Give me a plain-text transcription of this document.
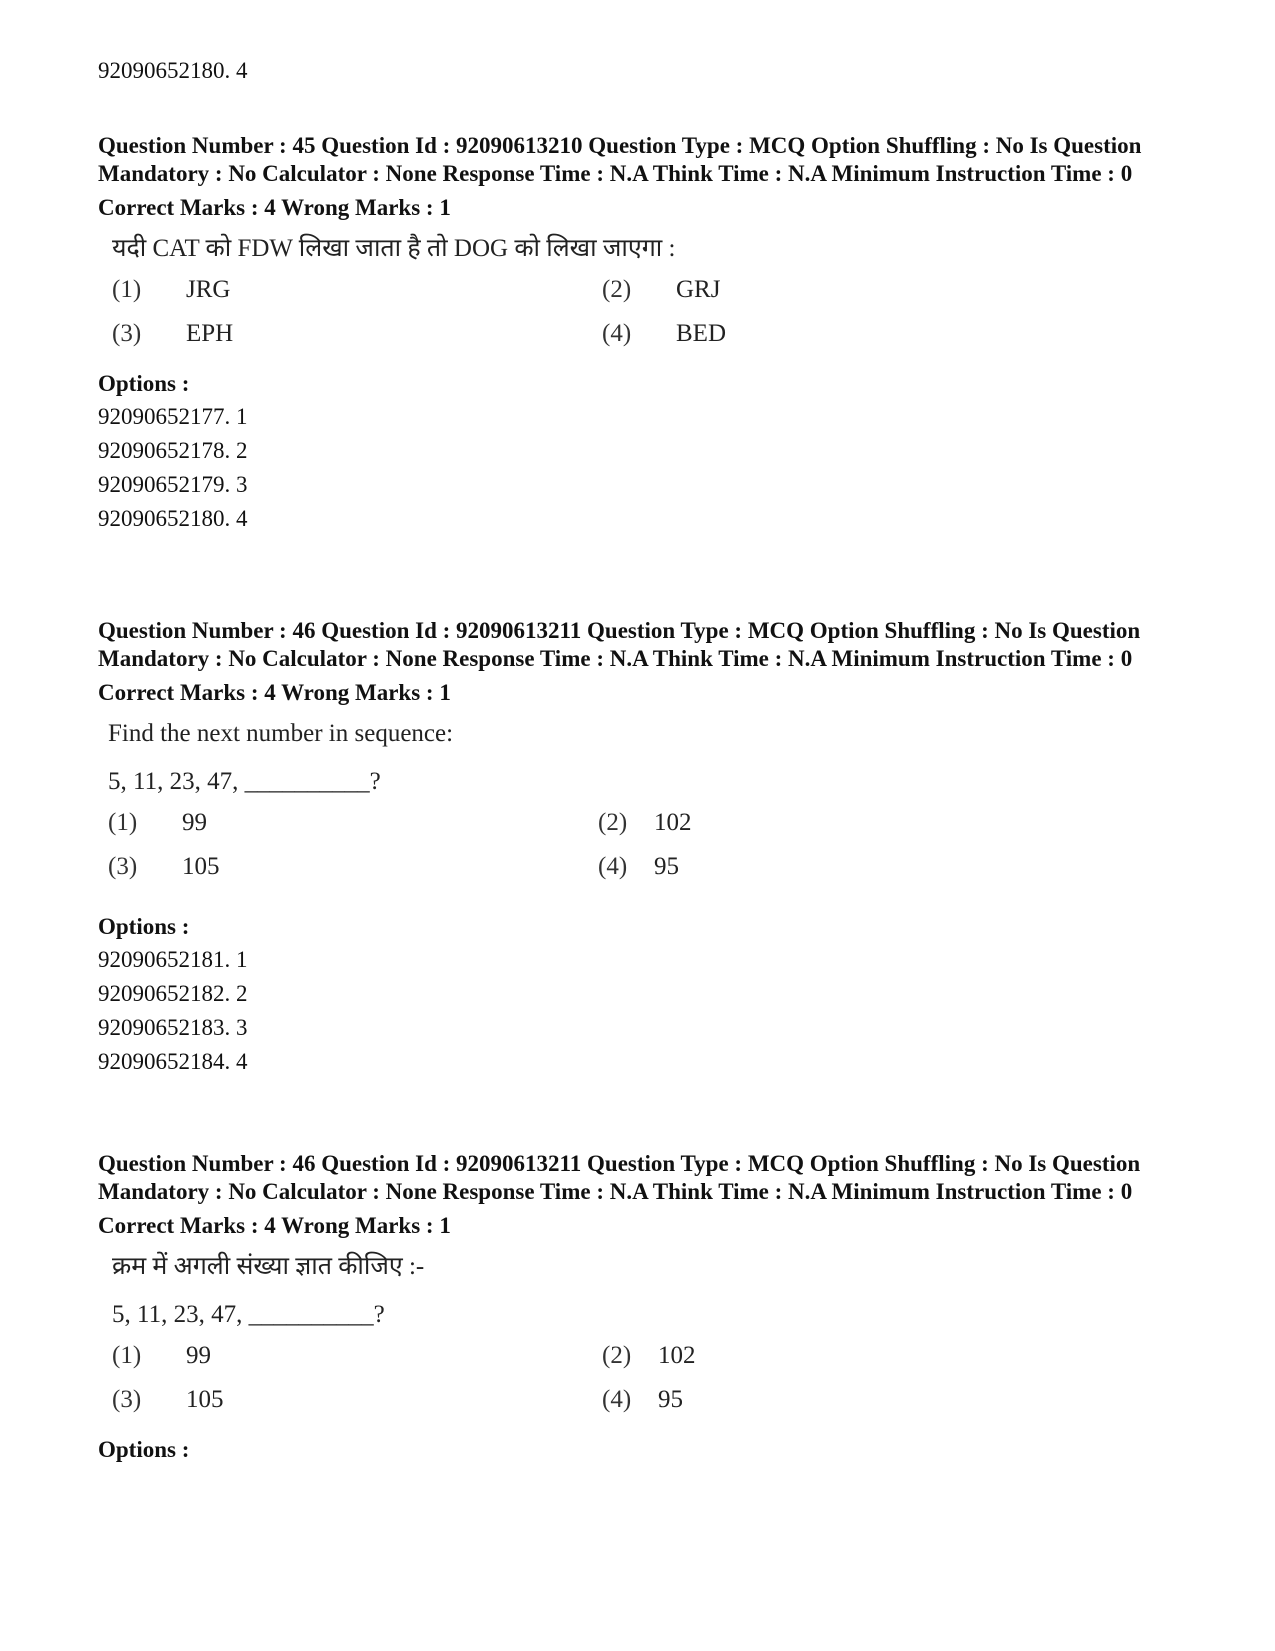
92090652180. 4
Question Number : 45 Question Id : 92090613210 Question Type : MCQ Option Shuffling : No Is Question Mandatory : No Calculator : None Response Time : N.A Think Time : N.A Minimum Instruction Time : 0
Correct Marks : 4 Wrong Marks : 1
यदी CAT को FDW लिखा जाता है तो DOG को लिखा जाएगा :
(1) JRG	(2) GRJ
(3) EPH	(4) BED
Options :
92090652177. 1
92090652178. 2
92090652179. 3
92090652180. 4
Question Number : 46 Question Id : 92090613211 Question Type : MCQ Option Shuffling : No Is Question Mandatory : No Calculator : None Response Time : N.A Think Time : N.A Minimum Instruction Time : 0
Correct Marks : 4 Wrong Marks : 1
Find the next number in sequence:
5, 11, 23, 47, __________?
(1) 99	(2) 102
(3) 105	(4) 95
Options :
92090652181. 1
92090652182. 2
92090652183. 3
92090652184. 4
Question Number : 46 Question Id : 92090613211 Question Type : MCQ Option Shuffling : No Is Question Mandatory : No Calculator : None Response Time : N.A Think Time : N.A Minimum Instruction Time : 0
Correct Marks : 4 Wrong Marks : 1
क्रम में अगली संख्या ज्ञात कीजिए :-
5, 11, 23, 47, __________?
(1) 99	(2) 102
(3) 105	(4) 95
Options :
